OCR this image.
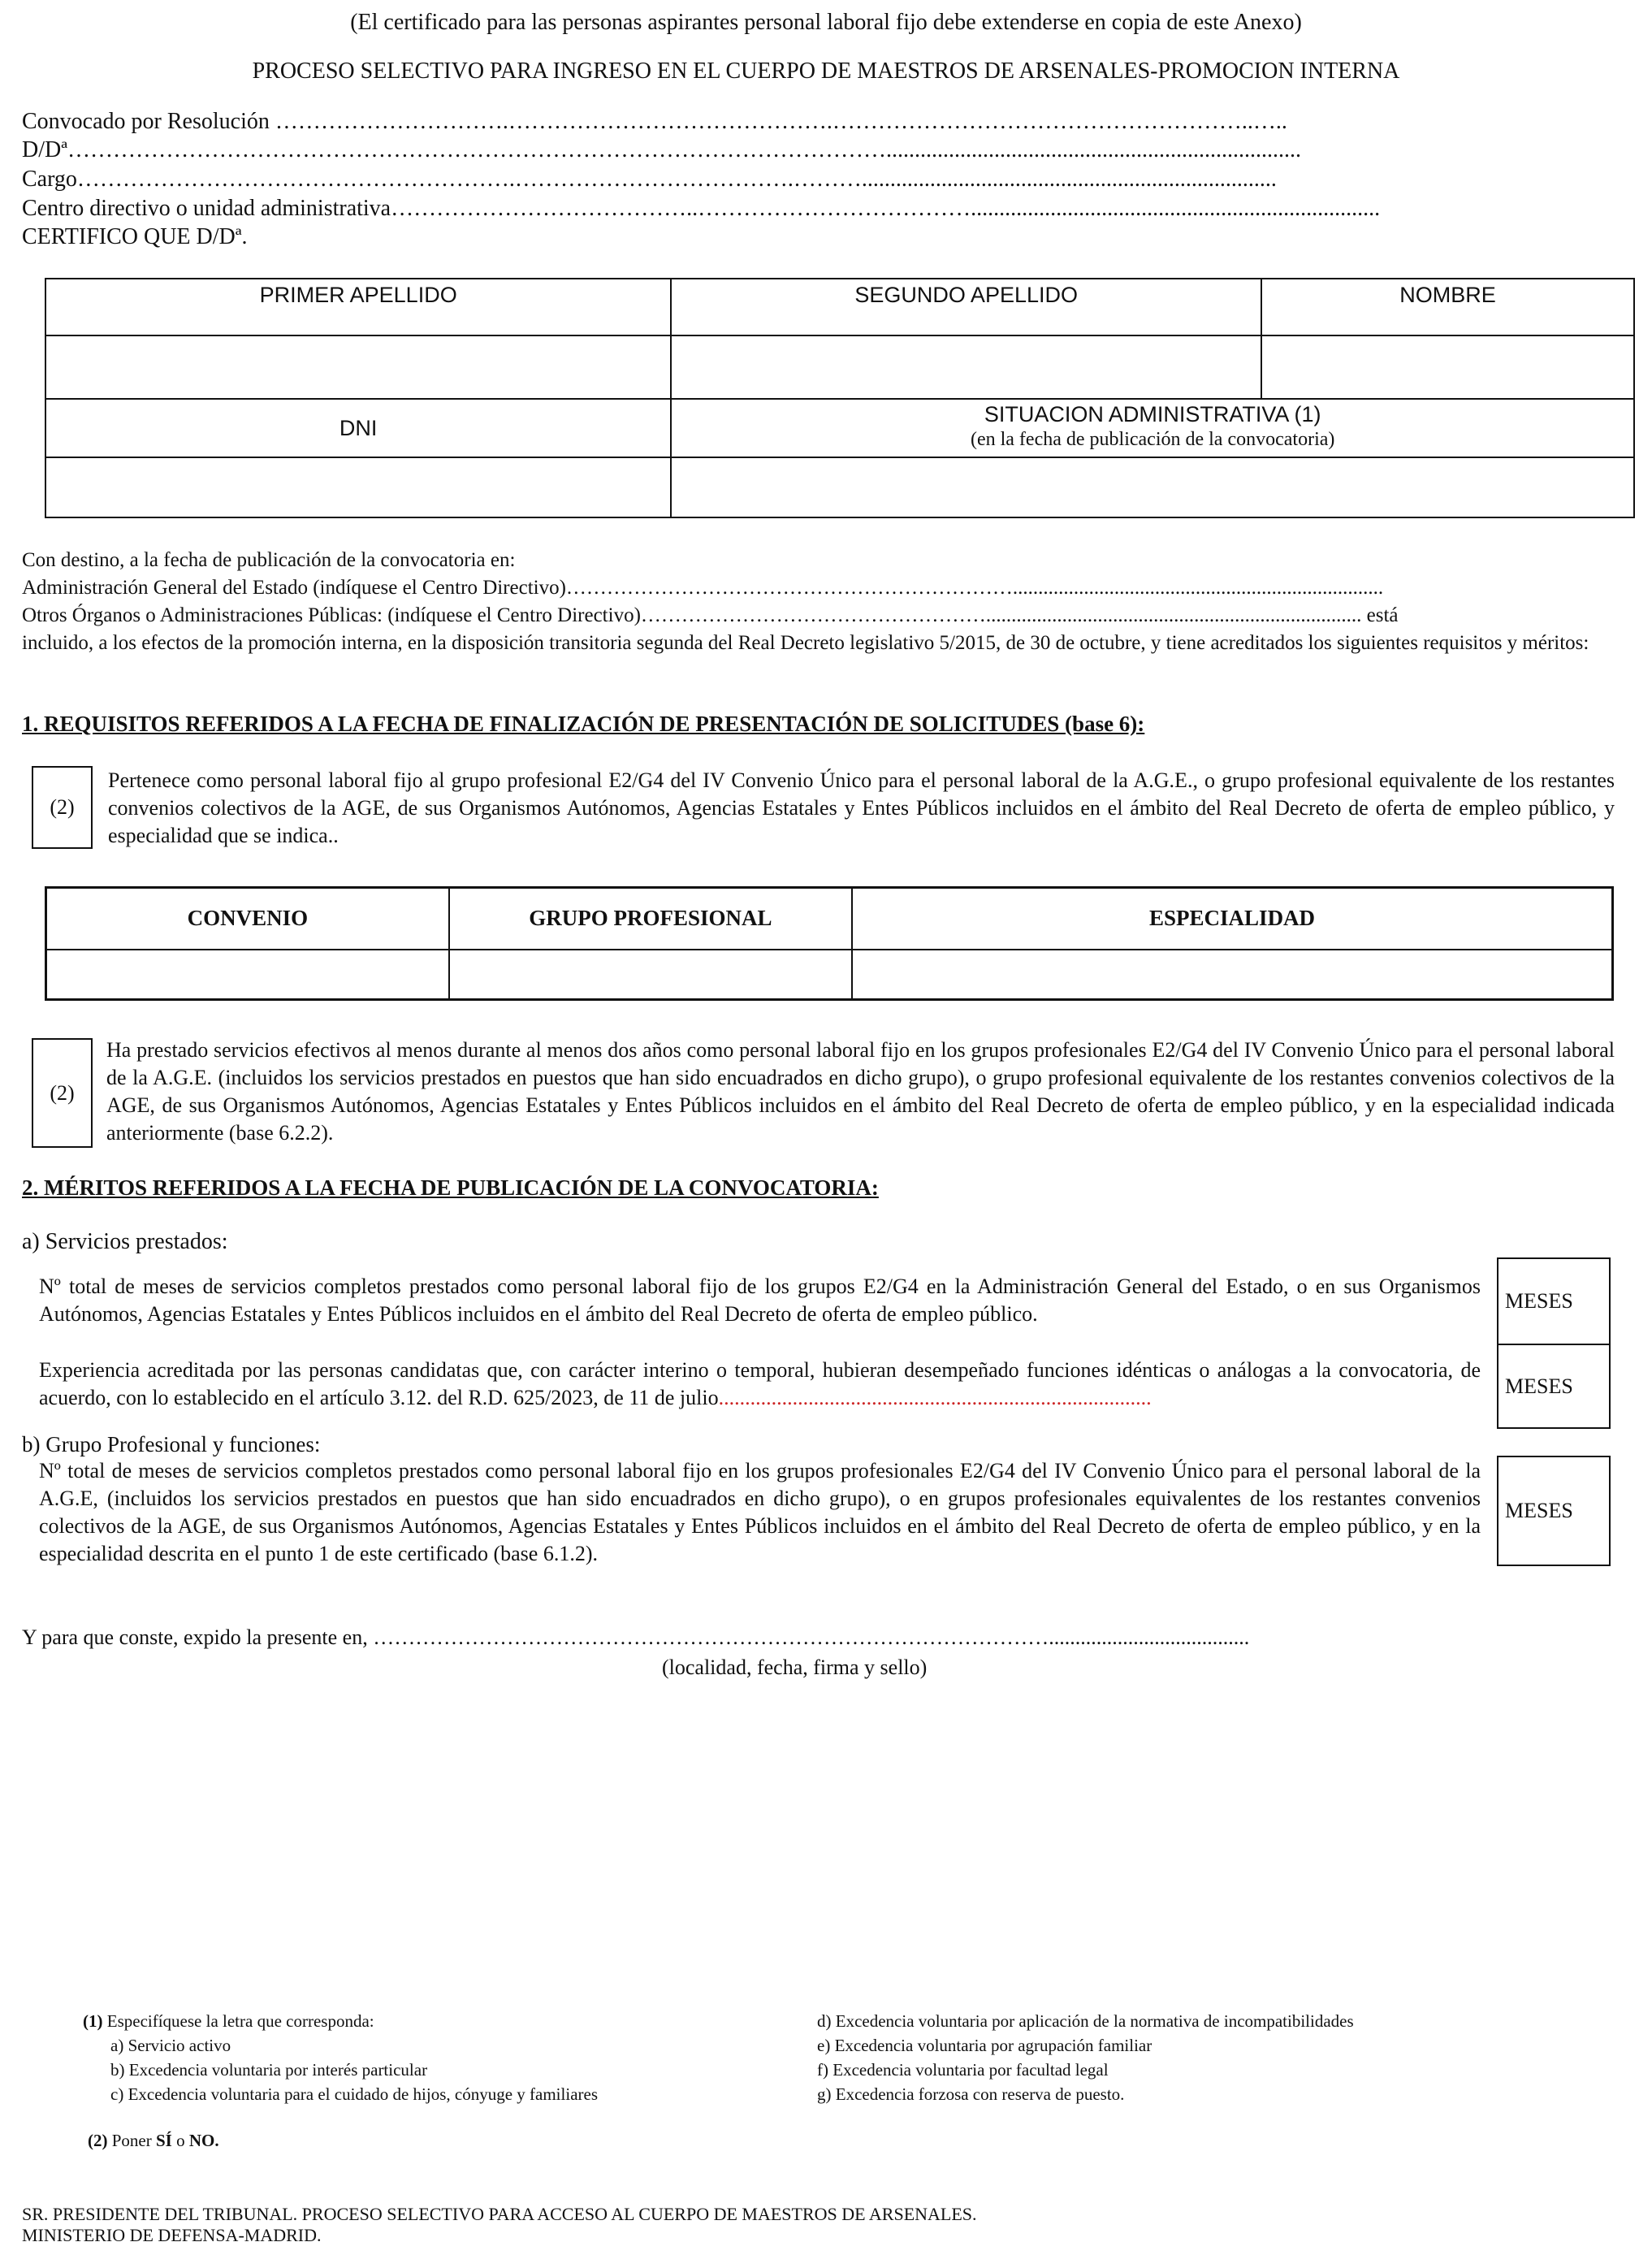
(El certificado para las personas aspirantes personal laboral fijo debe extenderse en copia de este Anexo)
PROCESO SELECTIVO PARA INGRESO EN EL CUERPO DE MAESTROS DE ARSENALES-PROMOCION INTERNA
Convocado por Resolución ………………………….…………………………………….………………………………………………..…..
D/Dª……………………………………………………………………………………………….........................................................................
Cargo………………………………………………….……………………………….……….........................................................................
Centro directivo o unidad administrativa…………………………………..………………………………........................................................................
CERTIFICO QUE D/Dª.
PRIMER APELLIDO	SEGUNDO APELLIDO	NOMBRE

DNI	SITUACION ADMINISTRATIVA (1)
(en la fecha de publicación de la convocatoria)	

Con destino, a la fecha de publicación de la convocatoria en:
Administración General del Estado (indíquese el Centro Directivo)………………………………………………………….........................................................................
Otros Órganos o Administraciones Públicas: (indíquese el Centro Directivo)…………………………………………….......................................................................... está
incluido, a los efectos de la promoción interna, en la disposición transitoria segunda del Real Decreto legislativo 5/2015, de 30 de octubre, y tiene acreditados los siguientes requisitos y méritos:
1. REQUISITOS REFERIDOS A LA FECHA DE FINALIZACIÓN DE PRESENTACIÓN DE SOLICITUDES (base 6):
(2)
Pertenece como personal laboral fijo al grupo profesional E2/G4 del IV Convenio Único para el personal laboral de la A.G.E., o grupo profesional equivalente de los restantes convenios colectivos de la AGE, de sus Organismos Autónomos, Agencias Estatales y Entes Públicos incluidos en el ámbito del Real Decreto de oferta de empleo público, y especialidad que se indica..
CONVENIO	GRUPO PROFESIONAL	ESPECIALIDAD

(2)
Ha prestado servicios efectivos al menos durante al menos dos años como personal laboral fijo en los grupos profesionales E2/G4 del IV Convenio Único para el personal laboral de la A.G.E. (incluidos los servicios prestados en puestos que han sido encuadrados en dicho grupo), o grupo profesional equivalente de los restantes convenios colectivos de la AGE, de sus Organismos Autónomos, Agencias Estatales y Entes Públicos incluidos en el ámbito del Real Decreto de oferta de empleo público, y en la especialidad indicada anteriormente (base 6.2.2).
2. MÉRITOS REFERIDOS A LA FECHA DE PUBLICACIÓN DE LA CONVOCATORIA:
a) Servicios prestados:
Nº total de meses de servicios completos prestados como personal laboral fijo de los grupos E2/G4 en la Administración General del Estado, o en sus Organismos Autónomos, Agencias Estatales y Entes Públicos incluidos en el ámbito del Real Decreto de oferta de empleo público.
Experiencia acreditada por las personas candidatas que, con carácter interino o temporal, hubieran desempeñado funciones idénticas o análogas a la convocatoria, de acuerdo, con lo establecido en el artículo 3.12. del R.D. 625/2023, de 11 de julio..................................................................................
MESES
MESES
b) Grupo Profesional y funciones:
Nº total de meses de servicios completos prestados como personal laboral fijo en los grupos profesionales E2/G4 del IV Convenio Único para el personal laboral de la A.G.E, (incluidos los servicios prestados en puestos que han sido encuadrados en dicho grupo), o en grupos profesionales equivalentes de los restantes convenios colectivos de la AGE, de sus Organismos Autónomos, Agencias Estatales y Entes Públicos incluidos en el ámbito del Real Decreto de oferta de empleo público, y en la especialidad descrita en el punto 1 de este certificado (base 6.1.2).
MESES
Y para que conste, expido la presente en, ……………………………………………………………………………………......................................
(localidad, fecha, firma y sello)
(1) Especifíquese la letra que corresponda:
a) Servicio activo
b) Excedencia voluntaria por interés particular
c) Excedencia voluntaria para el cuidado de hijos, cónyuge y familiares
d) Excedencia voluntaria por aplicación de la normativa de incompatibilidades
e) Excedencia voluntaria por agrupación familiar
f) Excedencia voluntaria por facultad legal
g) Excedencia forzosa con reserva de puesto.
(2) Poner SÍ o NO.
SR. PRESIDENTE DEL TRIBUNAL. PROCESO SELECTIVO PARA ACCESO AL CUERPO DE MAESTROS DE ARSENALES.
MINISTERIO DE DEFENSA-MADRID.
